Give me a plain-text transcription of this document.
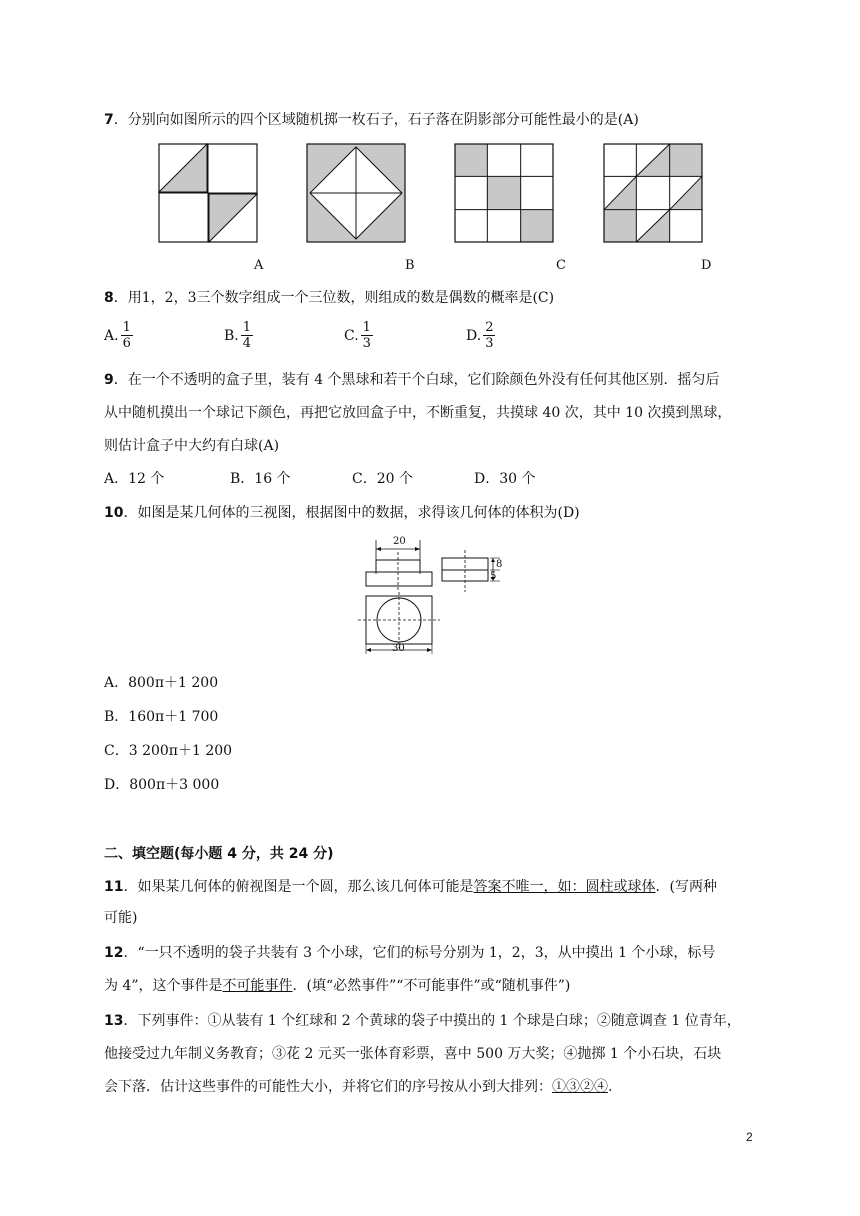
7．分别向如图所示的四个区域随机掷一枚石子，石子落在阴影部分可能性最小的是(A)
A	B	C	D
8．用1，2，3三个数字组成一个三位数，则组成的数是偶数的概率是(C)
A. $\frac{1}{6}$	B. $\frac{1}{4}$	C. $\frac{1}{3}$	D. $\frac{2}{3}$
9．在一个不透明的盒子里，装有 4 个黑球和若干个白球，它们除颜色外没有任何其他区别．摇匀后
从中随机摸出一个球记下颜色，再把它放回盒子中，不断重复，共摸球 40 次，其中 10 次摸到黑球，
则估计盒子中大约有白球(A)
A．12 个	B．16 个	C．20 个	D．30 个
10．如图是某几何体的三视图，根据图中的数据，求得该几何体的体积为(D)
20
8
5
30
A．800π＋1 200
B．160π＋1 700
C．3 200π＋1 200
D．800π＋3 000
二、填空题(每小题 4 分，共 24 分)
11．如果某几何体的俯视图是一个圆，那么该几何体可能是答案不唯一，如：圆柱或球体．(写两种
可能)
12．“一只不透明的袋子共装有 3 个小球，它们的标号分别为 1，2，3，从中摸出 1 个小球，标号
为 4”，这个事件是不可能事件．(填“必然事件”“不可能事件”或“随机事件”)
13．下列事件：①从装有 1 个红球和 2 个黄球的袋子中摸出的 1 个球是白球；②随意调查 1 位青年，
他接受过九年制义务教育；③花 2 元买一张体育彩票，喜中 500 万大奖；④抛掷 1 个小石块，石块
会下落．估计这些事件的可能性大小，并将它们的序号按从小到大排列：①③②④.
2
